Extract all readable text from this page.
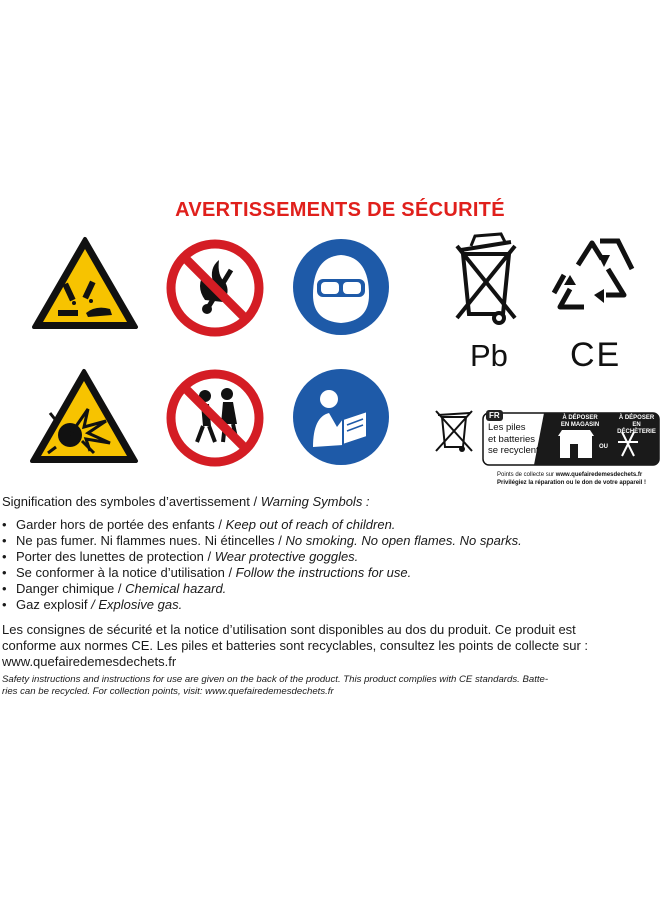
AVERTISSEMENTS DE SÉCURITÉ
Pb CE
FR
Les piles
et batteries
se recyclent
À DÉPOSER
EN MAGASIN
OU
À DÉPOSER
EN DÉCHÈTERIE
Points de collecte sur www.quefairedemesdechets.fr
Privilégiez la réparation ou le don de votre appareil !
Signification des symboles d’avertissement / Warning Symbols :
• Garder hors de portée des enfants / Keep out of reach of children.
• Ne pas fumer. Ni flammes nues. Ni étincelles / No smoking. No open flames. No sparks.
• Porter des lunettes de protection / Wear protective goggles.
• Se conformer à la notice d’utilisation / Follow the instructions for use.
• Danger chimique / Chemical hazard.
• Gaz explosif / Explosive gas.
Les consignes de sécurité et la notice d’utilisation sont disponibles au dos du produit. Ce produit est
conforme aux normes CE. Les piles et batteries sont recyclables, consultez les points de collecte sur :
www.quefairedemesdechets.fr
Safety instructions and instructions for use are given on the back of the product. This product complies with CE standards. Batte-
ries can be recycled. For collection points, visit: www.quefairedemesdechets.fr
